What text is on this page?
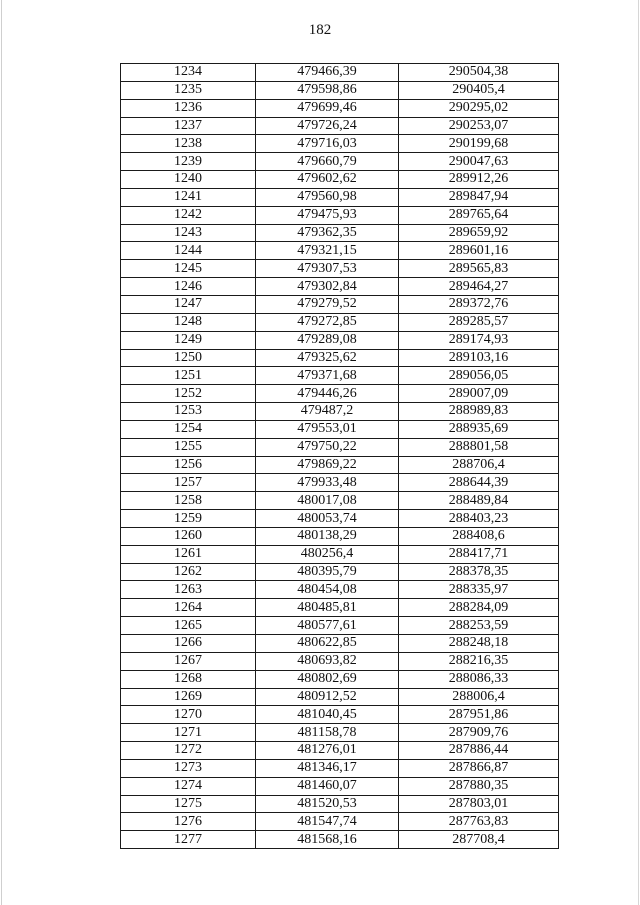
182
1234	479466,39	290504,38
1235	479598,86	290405,4
1236	479699,46	290295,02
1237	479726,24	290253,07
1238	479716,03	290199,68
1239	479660,79	290047,63
1240	479602,62	289912,26
1241	479560,98	289847,94
1242	479475,93	289765,64
1243	479362,35	289659,92
1244	479321,15	289601,16
1245	479307,53	289565,83
1246	479302,84	289464,27
1247	479279,52	289372,76
1248	479272,85	289285,57
1249	479289,08	289174,93
1250	479325,62	289103,16
1251	479371,68	289056,05
1252	479446,26	289007,09
1253	479487,2	288989,83
1254	479553,01	288935,69
1255	479750,22	288801,58
1256	479869,22	288706,4
1257	479933,48	288644,39
1258	480017,08	288489,84
1259	480053,74	288403,23
1260	480138,29	288408,6
1261	480256,4	288417,71
1262	480395,79	288378,35
1263	480454,08	288335,97
1264	480485,81	288284,09
1265	480577,61	288253,59
1266	480622,85	288248,18
1267	480693,82	288216,35
1268	480802,69	288086,33
1269	480912,52	288006,4
1270	481040,45	287951,86
1271	481158,78	287909,76
1272	481276,01	287886,44
1273	481346,17	287866,87
1274	481460,07	287880,35
1275	481520,53	287803,01
1276	481547,74	287763,83
1277	481568,16	287708,4
